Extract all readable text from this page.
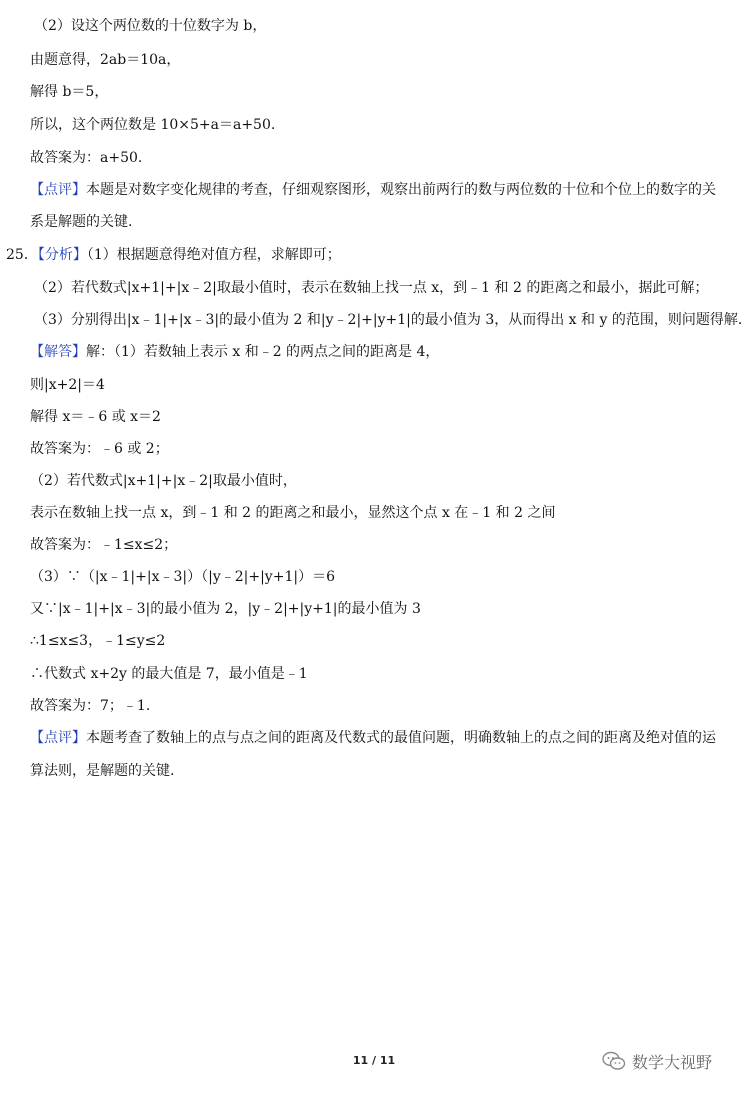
（2）设这个两位数的十位数字为 b，
由题意得，2ab＝10a，
解得 b＝5，
所以，这个两位数是 10×5+a＝a+50.
故答案为：a+50.
【点评】本题是对数字变化规律的考查，仔细观察图形，观察出前两行的数与两位数的十位和个位上的数字的关
系是解题的关键.
25．【分析】（1）根据题意得绝对值方程，求解即可；
（2）若代数式|x+1|+|x﹣2|取最小值时，表示在数轴上找一点 x，到﹣1 和 2 的距离之和最小，据此可解；
（3）分别得出|x﹣1|+|x﹣3|的最小值为 2 和|y﹣2|+|y+1|的最小值为 3，从而得出 x 和 y 的范围，则问题得解.
【解答】解：（1）若数轴上表示 x 和﹣2 的两点之间的距离是 4，
则|x+2|＝4
解得 x＝﹣6 或 x＝2
故答案为：﹣6 或 2；
（2）若代数式|x+1|+|x﹣2|取最小值时，
表示在数轴上找一点 x，到﹣1 和 2 的距离之和最小，显然这个点 x 在﹣1 和 2 之间
故答案为：﹣1≤x≤2；
（3）∵（|x﹣1|+|x﹣3|）（|y﹣2|+|y+1|）＝6
又∵|x﹣1|+|x﹣3|的最小值为 2，|y﹣2|+|y+1|的最小值为 3
∴1≤x≤3，﹣1≤y≤2
∴代数式 x+2y 的最大值是 7，最小值是﹣1
故答案为：7；﹣1.
【点评】本题考查了数轴上的点与点之间的距离及代数式的最值问题，明确数轴上的点之间的距离及绝对值的运
算法则，是解题的关键.
11 / 11	数学大视野
